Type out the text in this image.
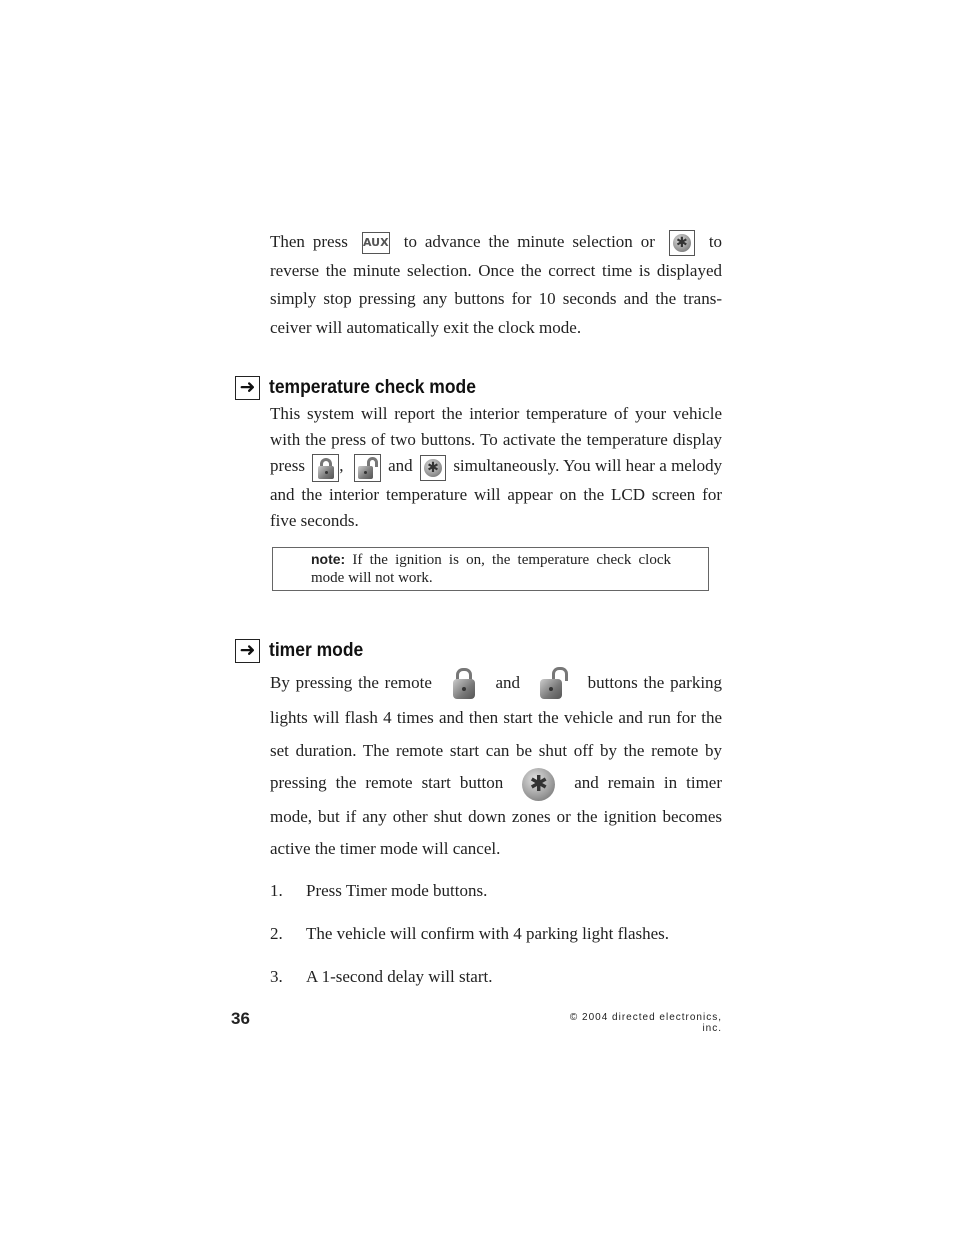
Then press AUX to advance the minute selection or ✱ to reverse the minute selection. Once the correct time is displayed simply stop pressing any buttons for 10 seconds and the trans-ceiver will automatically exit the clock mode.

➜ temperature check mode

This system will report the interior temperature of your vehicle with the press of two buttons. To activate the temperature display press ,	and ✱ simultaneously. You will hear a melody and the interior temperature will appear on the LCD screen for five seconds.

note: If the ignition is on, the temperature check clock mode will not work.
➜ timer mode

By pressing the remote	and	buttons the parking lights will flash 4 times and then start the vehicle and run for the set duration. The remote start can be shut off by the remote by pressing the remote start button ✱ and remain in timer mode, but if any other shut down zones or the ignition becomes active the timer mode will cancel.

1. Press Timer mode buttons.
2. The vehicle will confirm with 4 parking light flashes.
3. A 1-second delay will start.
36	© 2004 directed electronics, inc.
